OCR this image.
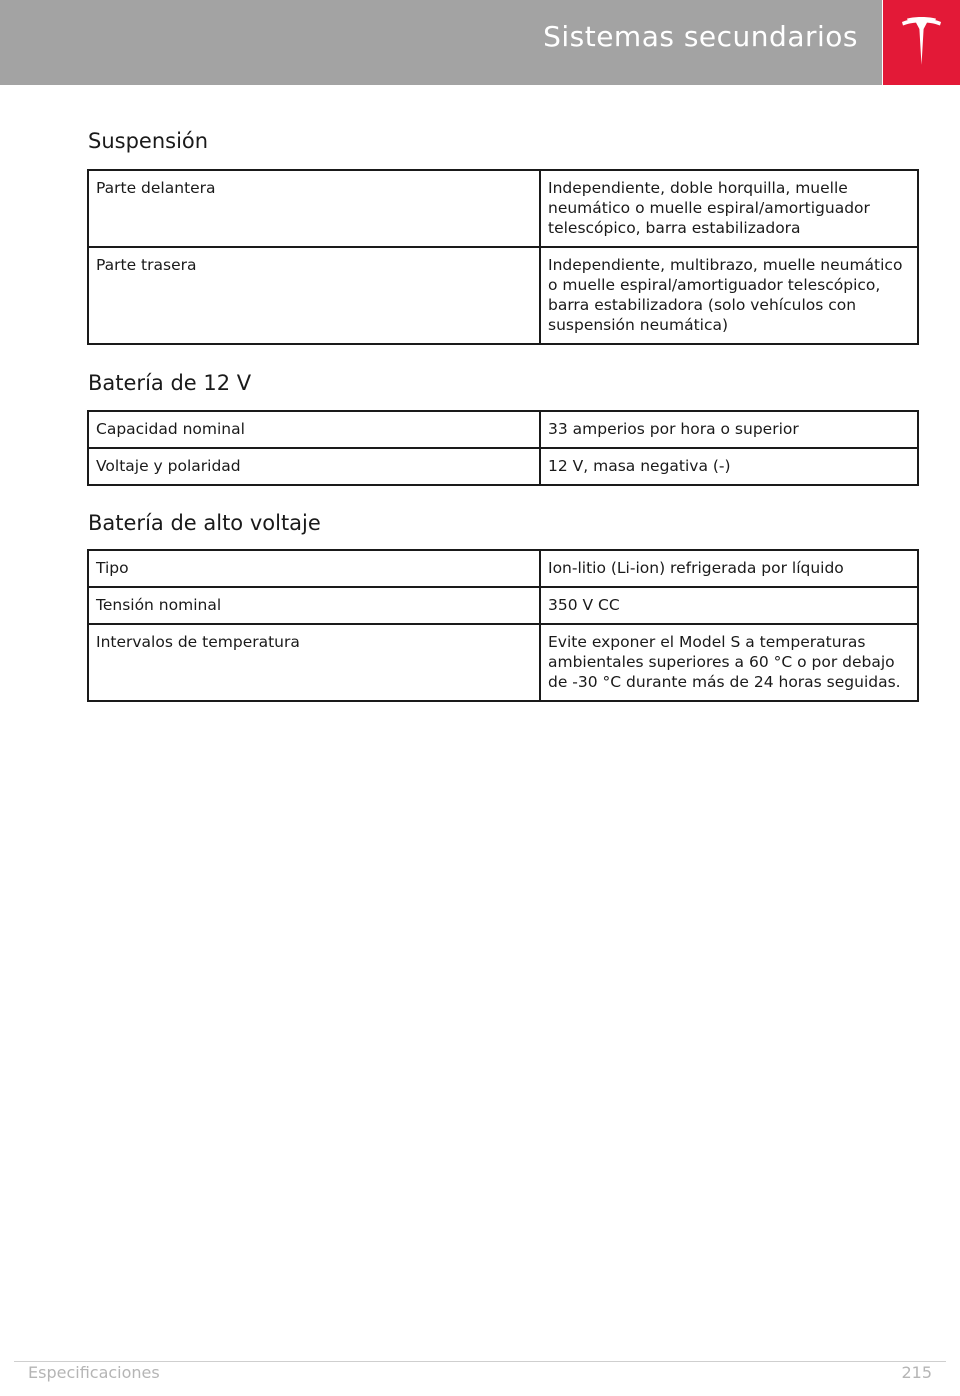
Sistemas secundarios
Suspensión
Parte delantera	Independiente, doble horquilla, muelle neumático o muelle espiral/amortiguador telescópico, barra estabilizadora
Parte trasera	Independiente, multibrazo, muelle neumático o muelle espiral/amortiguador telescópico, barra estabilizadora (solo vehículos con suspensión neumática)
Batería de 12 V
Capacidad nominal	33 amperios por hora o superior
Voltaje y polaridad	12 V, masa negativa (-)
Batería de alto voltaje
Tipo	Ion-litio (Li-ion) refrigerada por líquido
Tensión nominal	350 V CC
Intervalos de temperatura	Evite exponer el Model S a temperaturas ambientales superiores a 60 °C o por debajo de -30 °C durante más de 24 horas seguidas.
Especificaciones	215
